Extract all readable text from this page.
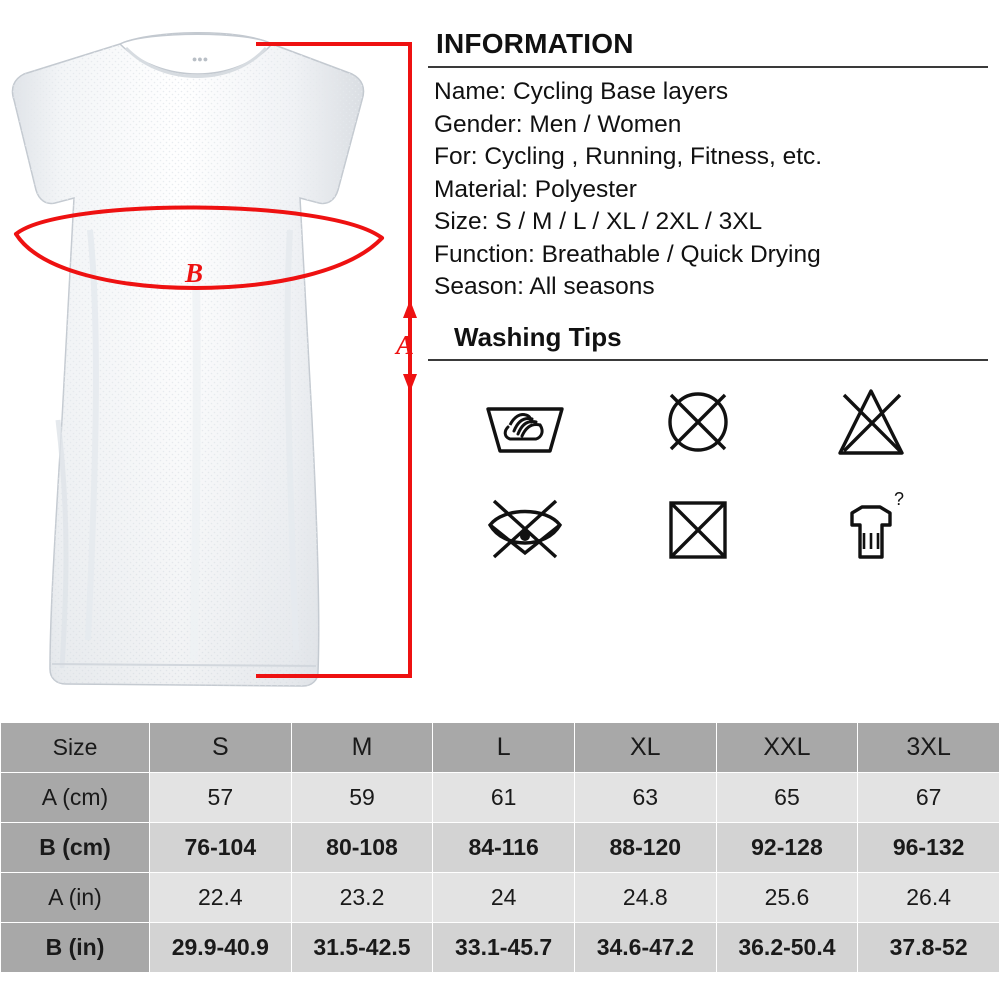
●●●
B
A
INFORMATION
Name: Cycling Base layers
Gender: Men / Women
For: Cycling , Running, Fitness, etc.
Material: Polyester
Size: S / M / L / XL / 2XL / 3XL
Function: Breathable / Quick Drying
Season: All seasons
Washing Tips
?
Size	S	M	L	XL	XXL	3XL
A (cm)	57	59	61	63	65	67
B (cm)	76-104	80-108	84-116	88-120	92-128	96-132
A (in)	22.4	23.2	24	24.8	25.6	26.4
B (in)	29.9-40.9	31.5-42.5	33.1-45.7	34.6-47.2	36.2-50.4	37.8-52
